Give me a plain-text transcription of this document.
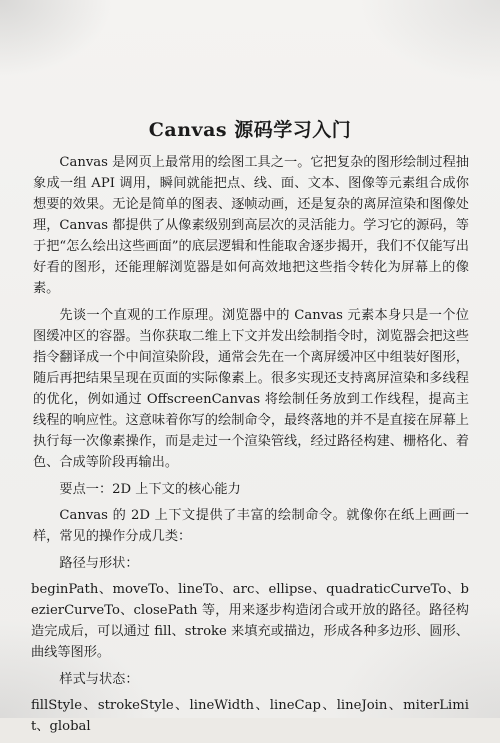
Canvas 源码学习入门

Canvas 是网页上最常用的绘图工具之一。它把复杂的图形绘制过程抽象成一组 API 调用，瞬间就能把点、线、面、文本、图像等元素组合成你想要的效果。无论是简单的图表、逐帧动画，还是复杂的离屏渲染和图像处理，Canvas 都提供了从像素级别到高层次的灵活能力。学习它的源码，等于把“怎么绘出这些画面”的底层逻辑和性能取舍逐步揭开，我们不仅能写出好看的图形，还能理解浏览器是如何高效地把这些指令转化为屏幕上的像素。

先谈一个直观的工作原理。浏览器中的 Canvas 元素本身只是一个位图缓冲区的容器。当你获取二维上下文并发出绘制指令时，浏览器会把这些指令翻译成一个中间渲染阶段，通常会先在一个离屏缓冲区中组装好图形，随后再把结果呈现在页面的实际像素上。很多实现还支持离屏渲染和多线程的优化，例如通过 OffscreenCanvas 将绘制任务放到工作线程，提高主线程的响应性。这意味着你写的绘制命令，最终落地的并不是直接在屏幕上执行每一次像素操作，而是走过一个渲染管线，经过路径构建、栅格化、着色、合成等阶段再输出。

要点一：2D 上下文的核心能力

Canvas 的 2D 上下文提供了丰富的绘制命令。就像你在纸上画画一样，常见的操作分成几类：

路径与形状：

beginPath、moveTo、lineTo、arc、ellipse、quadraticCurveTo、bezierCurveTo、closePath 等，用来逐步构造闭合或开放的路径。路径构造完成后，可以通过 fill、stroke 来填充或描边，形成各种多边形、圆形、曲线等图形。

样式与状态：

fillStyle、strokeStyle、lineWidth、lineCap、lineJoin、miterLimit、global
